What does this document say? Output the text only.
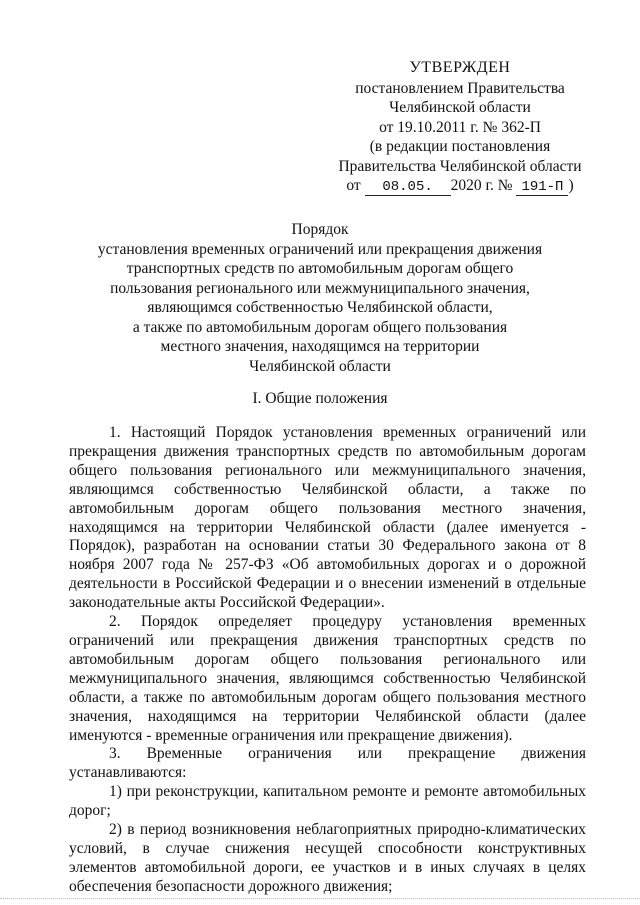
УТВЕРЖДЕН
постановлением Правительства
Челябинской области
от 19.10.2011 г. № 362-П
(в редакции постановления
Правительства Челябинской области
от 08.05. 2020 г. № 191-П )
Порядок
установления временных ограничений или прекращения движения
транспортных средств по автомобильным дорогам общего
пользования регионального или межмуниципального значения,
являющимся собственностью Челябинской области,
а также по автомобильным дорогам общего пользования
местного значения, находящимся на территории
Челябинской области
I. Общие положения

1. Настоящий Порядок установления временных ограничений или прекращения движения транспортных средств по автомобильным дорогам общего пользования регионального или межмуниципального значения, являющимся собственностью Челябинской области, а также по автомобильным дорогам общего пользования местного значения, находящимся на территории Челябинской области (далее именуется - Порядок), разработан на основании статьи 30 Федерального закона от 8 ноября 2007 года № 257-ФЗ «Об автомобильных дорогах и о дорожной деятельности в Российской Федерации и о внесении изменений в отдельные законодательные акты Российской Федерации».

2. Порядок определяет процедуру установления временных ограничений или прекращения движения транспортных средств по автомобильным дорогам общего пользования регионального или межмуниципального значения, являющимся собственностью Челябинской области, а также по автомобильным дорогам общего пользования местного значения, находящимся на территории Челябинской области (далее именуются - временные ограничения или прекращение движения).

3. Временные ограничения или прекращение движения устанавливаются:

1) при реконструкции, капитальном ремонте и ремонте автомобильных дорог;

2) в период возникновения неблагоприятных природно-климатических условий, в случае снижения несущей способности конструктивных элементов автомобильной дороги, ее участков и в иных случаях в целях обеспечения безопасности дорожного движения;
